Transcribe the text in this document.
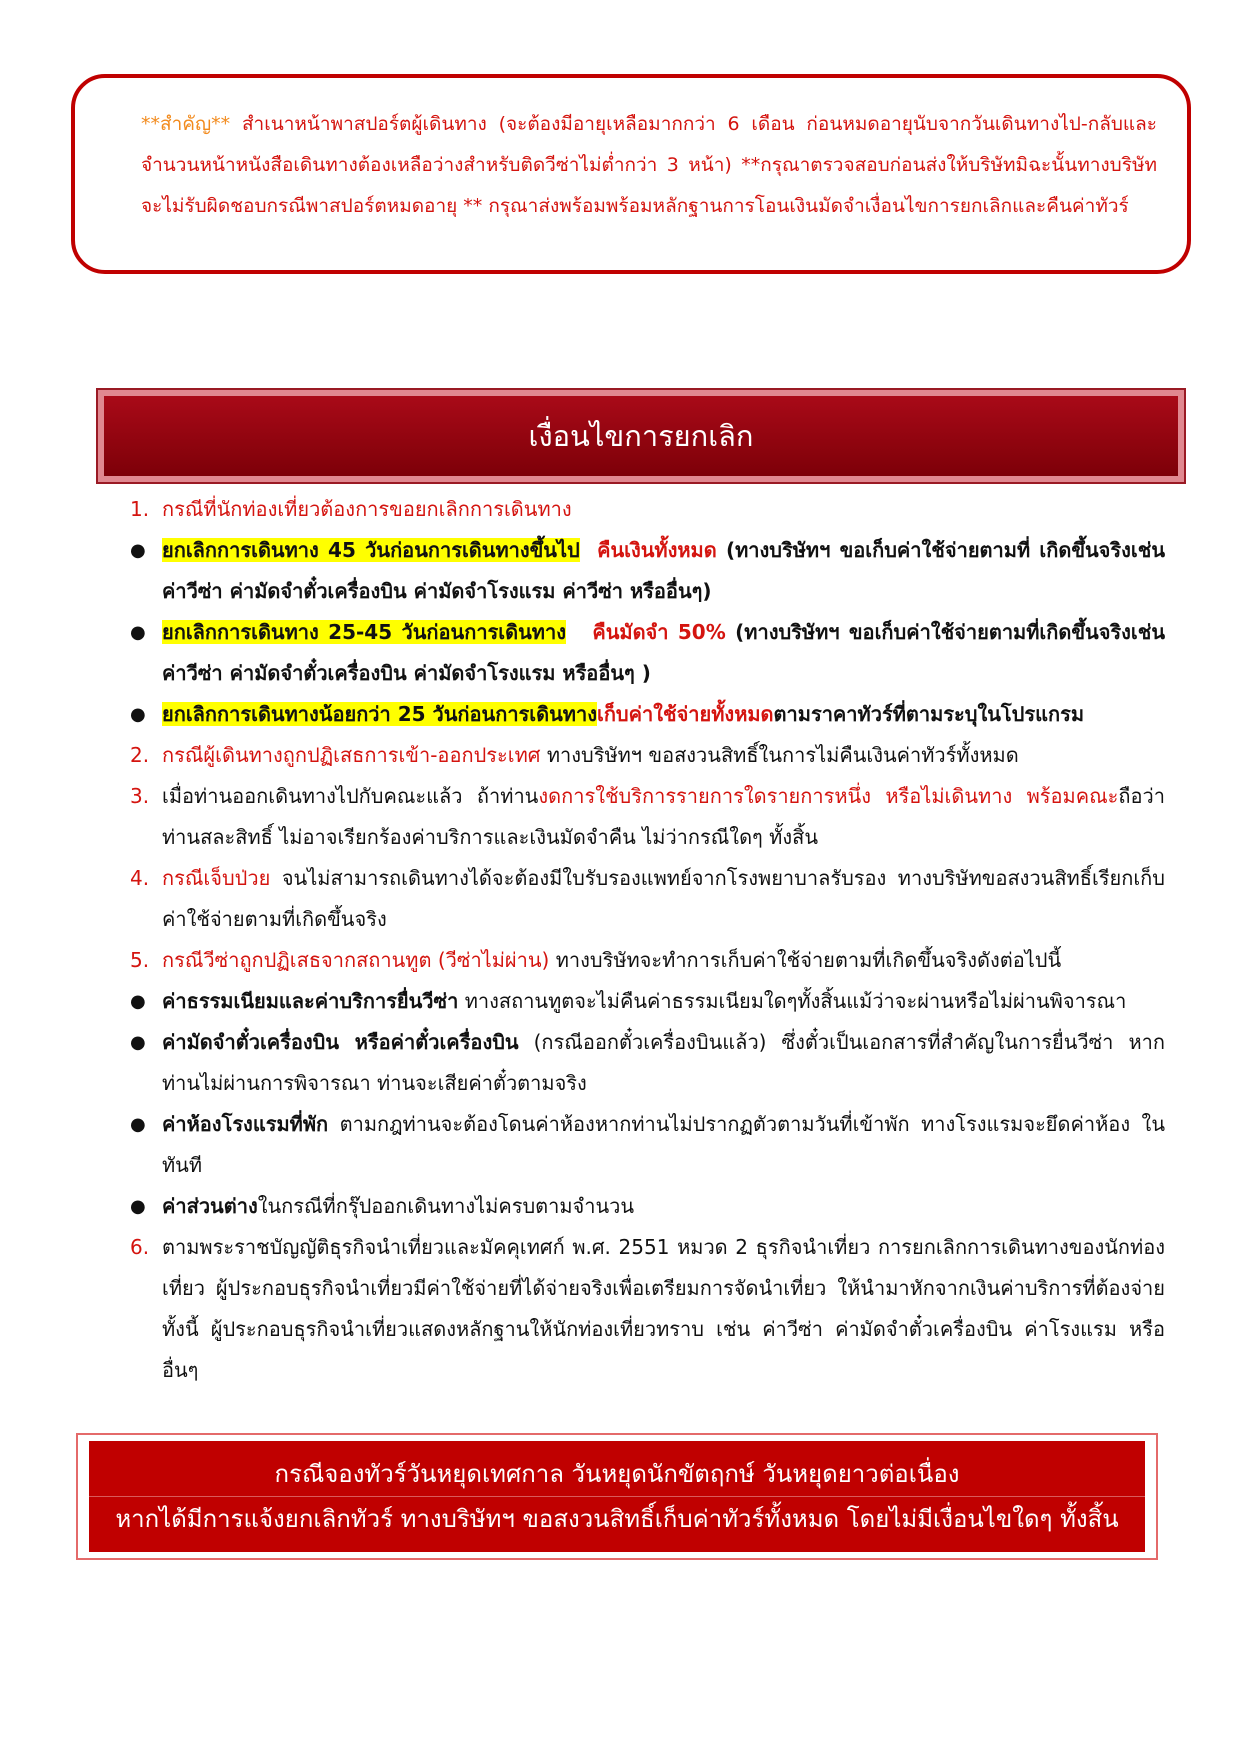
**สำคัญ** สำเนาหน้าพาสปอร์ตผู้เดินทาง (จะต้องมีอายุเหลือมากกว่า 6 เดือน ก่อนหมดอายุนับจากวันเดินทางไป-กลับและจำนวนหน้าหนังสือเดินทางต้องเหลือว่างสำหรับติดวีซ่าไม่ต่ำกว่า 3 หน้า) **กรุณาตรวจสอบก่อนส่งให้บริษัทมิฉะนั้นทางบริษัทจะไม่รับผิดชอบกรณีพาสปอร์ตหมดอายุ ** กรุณาส่งพร้อมพร้อมหลักฐานการโอนเงินมัดจำเงื่อนไขการยกเลิกและคืนค่าทัวร์

เงื่อนไขการยกเลิก
1. กรณีที่นักท่องเที่ยวต้องการขอยกเลิกการเดินทาง
● ยกเลิกการเดินทาง 45 วันก่อนการเดินทางขึ้นไป คืนเงินทั้งหมด (ทางบริษัทฯ ขอเก็บค่าใช้จ่ายตามที่ เกิดขึ้นจริงเช่น ค่าวีซ่า ค่ามัดจำตั๋วเครื่องบิน ค่ามัดจำโรงแรม ค่าวีซ่า หรืออื่นๆ)
● ยกเลิกการเดินทาง 25-45 วันก่อนการเดินทาง คืนมัดจำ 50% (ทางบริษัทฯ ขอเก็บค่าใช้จ่ายตามที่เกิดขึ้นจริงเช่น ค่าวีซ่า ค่ามัดจำตั๋วเครื่องบิน ค่ามัดจำโรงแรม หรืออื่นๆ )
● ยกเลิกการเดินทางน้อยกว่า 25 วันก่อนการเดินทางเก็บค่าใช้จ่ายทั้งหมดตามราคาทัวร์ที่ตามระบุในโปรแกรม
2. กรณีผู้เดินทางถูกปฏิเสธการเข้า-ออกประเทศ ทางบริษัทฯ ขอสงวนสิทธิ์ในการไม่คืนเงินค่าทัวร์ทั้งหมด
3. เมื่อท่านออกเดินทางไปกับคณะแล้ว ถ้าท่านงดการใช้บริการรายการใดรายการหนึ่ง หรือไม่เดินทาง พร้อมคณะถือว่าท่านสละสิทธิ์ ไม่อาจเรียกร้องค่าบริการและเงินมัดจำคืน ไม่ว่ากรณีใดๆ ทั้งสิ้น
4. กรณีเจ็บป่วย จนไม่สามารถเดินทางได้จะต้องมีใบรับรองแพทย์จากโรงพยาบาลรับรอง ทางบริษัทขอสงวนสิทธิ์เรียกเก็บค่าใช้จ่ายตามที่เกิดขึ้นจริง
5. กรณีวีซ่าถูกปฏิเสธจากสถานทูต (วีซ่าไม่ผ่าน) ทางบริษัทจะทำการเก็บค่าใช้จ่ายตามที่เกิดขึ้นจริงดังต่อไปนี้
● ค่าธรรมเนียมและค่าบริการยื่นวีซ่า ทางสถานทูตจะไม่คืนค่าธรรมเนียมใดๆทั้งสิ้นแม้ว่าจะผ่านหรือไม่ผ่านพิจารณา
● ค่ามัดจำตั๋วเครื่องบิน หรือค่าตั๋วเครื่องบิน (กรณีออกตั๋วเครื่องบินแล้ว) ซึ่งตั๋วเป็นเอกสารที่สำคัญในการยื่นวีซ่า หากท่านไม่ผ่านการพิจารณา ท่านจะเสียค่าตั๋วตามจริง
● ค่าห้องโรงแรมที่พัก ตามกฎท่านจะต้องโดนค่าห้องหากท่านไม่ปรากฏตัวตามวันที่เข้าพัก ทางโรงแรมจะยึดค่าห้อง ในทันที
● ค่าส่วนต่างในกรณีที่กรุ๊ปออกเดินทางไม่ครบตามจำนวน
6. ตามพระราชบัญญัติธุรกิจนำเที่ยวและมัคคุเทศก์ พ.ศ. 2551 หมวด 2 ธุรกิจนำเที่ยว การยกเลิกการเดินทางของนักท่องเที่ยว ผู้ประกอบธุรกิจนำเที่ยวมีค่าใช้จ่ายที่ได้จ่ายจริงเพื่อเตรียมการจัดนำเที่ยว ให้นำมาหักจากเงินค่าบริการที่ต้องจ่าย ทั้งนี้ ผู้ประกอบธุรกิจนำเที่ยวแสดงหลักฐานให้นักท่องเที่ยวทราบ เช่น ค่าวีซ่า ค่ามัดจำตั๋วเครื่องบิน ค่าโรงแรม หรืออื่นๆ
กรณีจองทัวร์วันหยุดเทศกาล วันหยุดนักขัตฤกษ์ วันหยุดยาวต่อเนื่อง
หากได้มีการแจ้งยกเลิกทัวร์ ทางบริษัทฯ ขอสงวนสิทธิ์เก็บค่าทัวร์ทั้งหมด โดยไม่มีเงื่อนไขใดๆ ทั้งสิ้น
